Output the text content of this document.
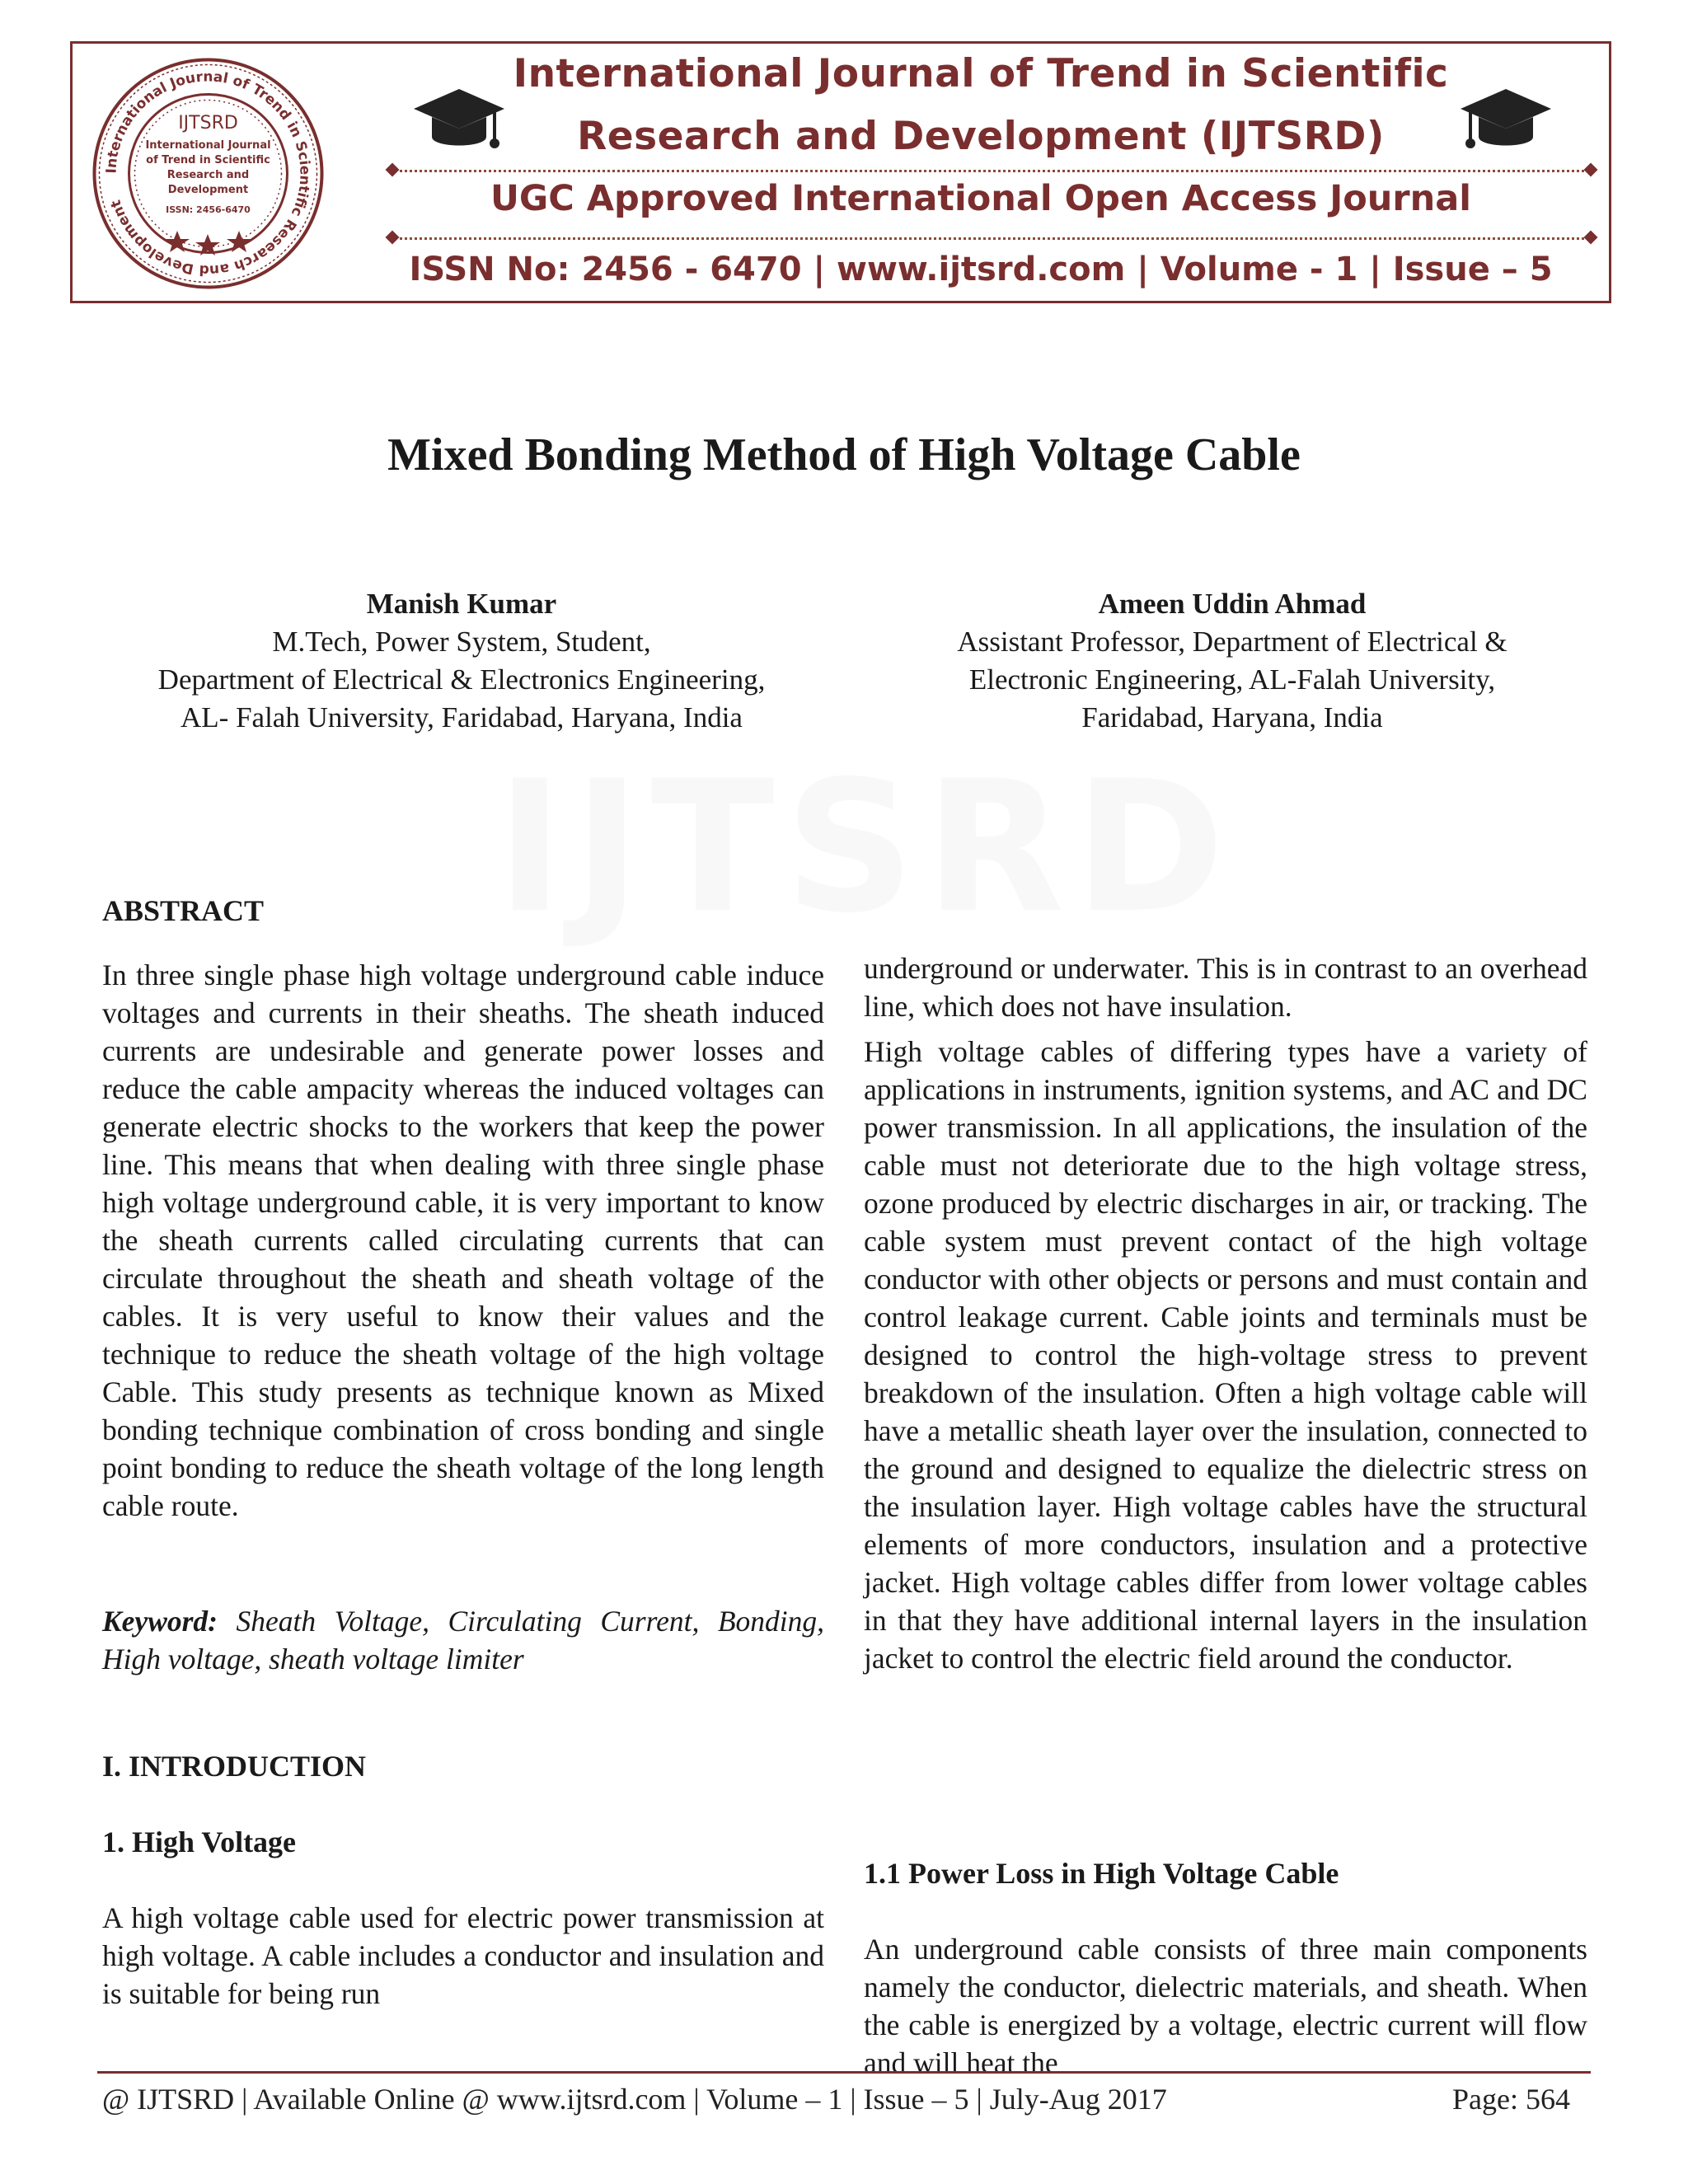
International Journal of Trend in Scientific Research and Development
IJTSRD
International Journal
of Trend in Scientific
Research and
Development
ISSN: 2456-6470
International Journal of Trend in Scientific
Research and Development (IJTSRD)
UGC Approved International Open Access Journal
ISSN No: 2456 - 6470 | www.ijtsrd.com | Volume - 1 | Issue – 5
Mixed Bonding Method of High Voltage Cable
Manish Kumar
M.Tech, Power System, Student,
Department of Electrical & Electronics Engineering,
AL- Falah University, Faridabad, Haryana, India
Ameen Uddin Ahmad
Assistant Professor, Department of Electrical &
Electronic Engineering, AL-Falah University,
Faridabad, Haryana, India

ABSTRACT

In three single phase high voltage underground cable induce voltages and currents in their sheaths. The sheath induced currents are undesirable and generate power losses and reduce the cable ampacity whereas the induced voltages can generate electric shocks to the workers that keep the power line. This means that when dealing with three single phase high voltage underground cable, it is very important to know the sheath currents called circulating currents that can circulate throughout the sheath and sheath voltage of the cables. It is very useful to know their values and the technique to reduce the sheath voltage of the high voltage Cable. This study presents as technique known as Mixed bonding technique combination of cross bonding and single point bonding to reduce the sheath voltage of the long length cable route.

Keyword: Sheath Voltage, Circulating Current, Bonding, High voltage, sheath voltage limiter

I. INTRODUCTION

1. High Voltage

A high voltage cable used for electric power transmission at high voltage. A cable includes a conductor and insulation and is suitable for being run

underground or underwater. This is in contrast to an overhead line, which does not have insulation.

High voltage cables of differing types have a variety of applications in instruments, ignition systems, and AC and DC power transmission. In all applications, the insulation of the cable must not deteriorate due to the high voltage stress, ozone produced by electric discharges in air, or tracking. The cable system must prevent contact of the high voltage conductor with other objects or persons and must contain and control leakage current. Cable joints and terminals must be designed to control the high-voltage stress to prevent breakdown of the insulation. Often a high voltage cable will have a metallic sheath layer over the insulation, connected to the ground and designed to equalize the dielectric stress on the insulation layer. High voltage cables have the structural elements of more conductors, insulation and a protective jacket. High voltage cables differ from lower voltage cables in that they have additional internal layers in the insulation jacket to control the electric field around the conductor.

1.1 Power Loss in High Voltage Cable

An underground cable consists of three main components namely the conductor, dielectric materials, and sheath. When the cable is energized by a voltage, electric current will flow and will heat the

@ IJTSRD | Available Online @ www.ijtsrd.com | Volume – 1 | Issue – 5 | July-Aug 2017	Page: 564
